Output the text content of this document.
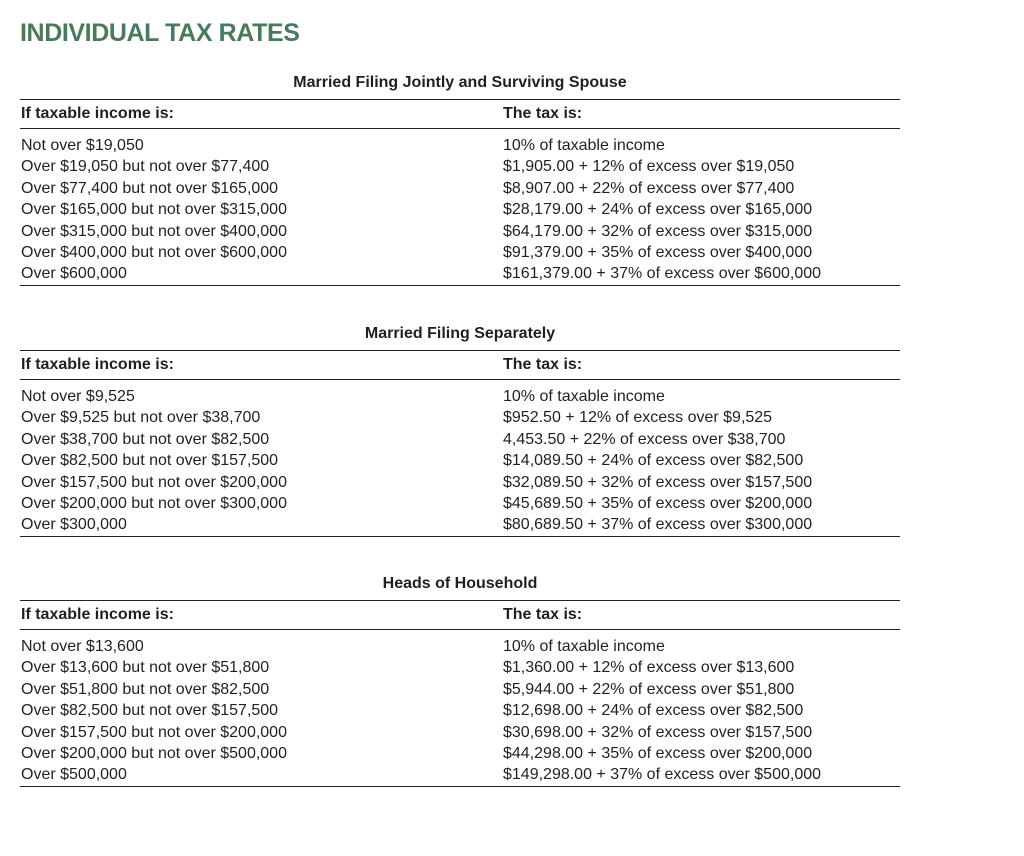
INDIVIDUAL TAX RATES
Married Filing Jointly and Surviving Spouse
If taxable income is:	The tax is:
Not over $19,050	10% of taxable income
Over $19,050 but not over $77,400	$1,905.00 + 12% of excess over $19,050
Over $77,400 but not over $165,000	$8,907.00 + 22% of excess over $77,400
Over $165,000 but not over $315,000	$28,179.00 + 24% of excess over $165,000
Over $315,000 but not over $400,000	$64,179.00 + 32% of excess over $315,000
Over $400,000 but not over $600,000	$91,379.00 + 35% of excess over $400,000
Over $600,000	$161,379.00 + 37% of excess over $600,000
Married Filing Separately
If taxable income is:	The tax is:
Not over $9,525	10% of taxable income
Over $9,525 but not over $38,700	$952.50 + 12% of excess over $9,525
Over $38,700 but not over $82,500	4,453.50 + 22% of excess over $38,700
Over $82,500 but not over $157,500	$14,089.50 + 24% of excess over $82,500
Over $157,500 but not over $200,000	$32,089.50 + 32% of excess over $157,500
Over $200,000 but not over $300,000	$45,689.50 + 35% of excess over $200,000
Over $300,000	$80,689.50 + 37% of excess over $300,000
Heads of Household
If taxable income is:	The tax is:
Not over $13,600	10% of taxable income
Over $13,600 but not over $51,800	$1,360.00 + 12% of excess over $13,600
Over $51,800 but not over $82,500	$5,944.00 + 22% of excess over $51,800
Over $82,500 but not over $157,500	$12,698.00 + 24% of excess over $82,500
Over $157,500 but not over $200,000	$30,698.00 + 32% of excess over $157,500
Over $200,000 but not over $500,000	$44,298.00 + 35% of excess over $200,000
Over $500,000	$149,298.00 + 37% of excess over $500,000
